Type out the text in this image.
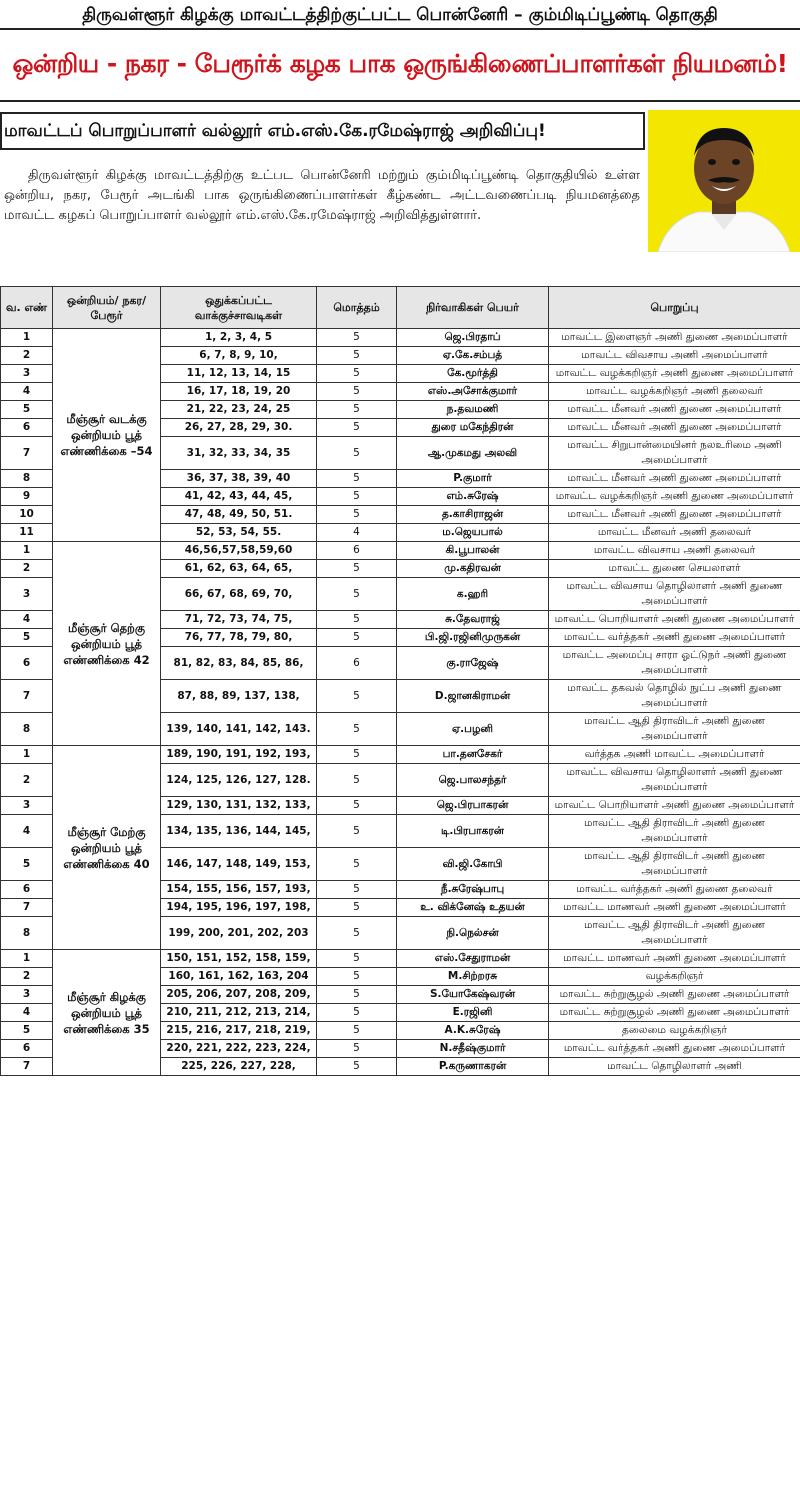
திருவள்ளூர் கிழக்கு மாவட்டத்திற்குட்பட்ட பொன்னேரி – கும்மிடிப்பூண்டி தொகுதி
ஒன்றிய - நகர - பேரூர்க் கழக பாக ஒருங்கிணைப்பாளர்கள் நியமனம்!
மாவட்டப் பொறுப்பாளர் வல்லூர் எம்.எஸ்.கே.ரமேஷ்ராஜ் அறிவிப்பு!

திருவள்ளூர் கிழக்கு மாவட்டத்திற்கு உட்பட பொன்னேரி மற்றும் கும்மிடிப்பூண்டி தொகுதியில் உள்ள ஒன்றிய, நகர, பேரூர் அடங்கி பாக ஒருங்கிணைப்பாளர்கள் கீழ்கண்ட அட்டவணைப்படி நியமனத்தை மாவட்ட கழகப் பொறுப்பாளர் வல்லூர் எம்.எஸ்.கே.ரமேஷ்ராஜ் அறிவித்துள்ளார்.

வ. எண்	ஒன்றியம்/ நகர/ பேரூர்	ஒதுக்கப்பட்ட வாக்குச்சாவடிகள்	மொத்தம்	நிர்வாகிகள் பெயர்	பொறுப்பு
1	மீஞ்சூர் வடக்கு ஒன்றியம் பூத் எண்ணிக்கை –54	1, 2, 3, 4, 5	5	ஜெ.பிரதாப்	மாவட்ட இளைஞர் அணி துணை அமைப்பாளர்
2		6, 7, 8, 9, 10,	5	ஏ.கே.சம்பத்	மாவட்ட விவசாய அணி அமைப்பாளர்
3		11, 12, 13, 14, 15	5	கே.மூர்த்தி	மாவட்ட வழக்கறிஞர் அணி துணை அமைப்பாளர்
4		16, 17, 18, 19, 20	5	எஸ்.அசோக்குமார்	மாவட்ட வழக்கறிஞர் அணி தலைவர்
5		21, 22, 23, 24, 25	5	ந.தவமணி	மாவட்ட மீனவர் அணி துணை அமைப்பாளர்
6		26, 27, 28, 29, 30.	5	துரை மகேந்திரன்	மாவட்ட மீனவர் அணி துணை அமைப்பாளர்
7		31, 32, 33, 34, 35	5	ஆ.முகமது அலவி	மாவட்ட சிறுபான்மையினர் நலஉரிமை அணி அமைப்பாளர்
8		36, 37, 38, 39, 40	5	P.குமார்	மாவட்ட மீனவர் அணி துணை அமைப்பாளர்
9		41, 42, 43, 44, 45,	5	எம்.சுரேஷ்	மாவட்ட வழக்கறிஞர் அணி துணை அமைப்பாளர்
10		47, 48, 49, 50, 51.	5	த.காசிராஜன்	மாவட்ட மீனவர் அணி துணை அமைப்பாளர்
11		52, 53, 54, 55.	4	ம.ஜெயபால்	மாவட்ட மீனவர் அணி தலைவர்
1	மீஞ்சூர் தெற்கு ஒன்றியம் பூத் எண்ணிக்கை 42	46,56,57,58,59,60	6	கி.பூபாலன்	மாவட்ட விவசாய அணி தலைவர்
2		61, 62, 63, 64, 65,	5	மு.கதிரவன்	மாவட்ட துணை செயலாளர்
3		66, 67, 68, 69, 70,	5	க.ஹரி	மாவட்ட விவசாய தொழிலாளர் அணி துணை அமைப்பாளர்
4		71, 72, 73, 74, 75,	5	சு.தேவராஜ்	மாவட்ட பொறியாளர் அணி துணை அமைப்பாளர்
5		76, 77, 78, 79, 80,	5	பி.ஜி.ரஜினிமுருகன்	மாவட்ட வர்த்தகர் அணி துணை அமைப்பாளர்
6		81, 82, 83, 84, 85, 86,	6	கு.ராஜேஷ்	மாவட்ட அமைப்பு சாரா ஓட்டுநர் அணி துணை அமைப்பாளர்
7		87, 88, 89, 137, 138,	5	D.ஜானகிராமன்	மாவட்ட தகவல் தொழில் நுட்ப அணி துணை அமைப்பாளர்
8		139, 140, 141, 142, 143.	5	ஏ.பழனி	மாவட்ட ஆதி திராவிடர் அணி துணை அமைப்பாளர்
1	மீஞ்சூர் மேற்கு ஒன்றியம் பூத் எண்ணிக்கை 40	189, 190, 191, 192, 193,	5	பா.தனசேகர்	வர்த்தக அணி மாவட்ட அமைப்பாளர்
2		124, 125, 126, 127, 128.	5	ஜெ.பாலசந்தர்	மாவட்ட விவசாய தொழிலாளர் அணி துணை அமைப்பாளர்
3		129, 130, 131, 132, 133,	5	ஜெ.பிரபாகரன்	மாவட்ட பொறியாளர் அணி துணை அமைப்பாளர்
4		134, 135, 136, 144, 145,	5	டி.பிரபாகரன்	மாவட்ட ஆதி திராவிடர் அணி துணை அமைப்பாளர்
5		146, 147, 148, 149, 153,	5	வி.ஜி.கோபி	மாவட்ட ஆதி திராவிடர் அணி துணை அமைப்பாளர்
6		154, 155, 156, 157, 193,	5	நீ.சுரேஷ்பாபு	மாவட்ட வர்த்தகர் அணி துணை தலைவர்
7		194, 195, 196, 197, 198,	5	உ. விக்னேஷ் உதயன்	மாவட்ட மாணவர் அணி துணை அமைப்பாளர்
8		199, 200, 201, 202, 203	5	நி.நெல்சன்	மாவட்ட ஆதி திராவிடர் அணி துணை அமைப்பாளர்
1	மீஞ்சூர் கிழக்கு ஒன்றியம் பூத் எண்ணிக்கை 35	150, 151, 152, 158, 159,	5	எஸ்.சேதுராமன்	மாவட்ட மாணவர் அணி துணை அமைப்பாளர்
2		160, 161, 162, 163, 204	5	M.சிற்றரசு	வழக்கறிஞர்
3		205, 206, 207, 208, 209,	5	S.யோகேஷ்வரன்	மாவட்ட சுற்றுசூழல் அணி துணை அமைப்பாளர்
4		210, 211, 212, 213, 214,	5	E.ரஜினி	மாவட்ட சுற்றுசூழல் அணி துணை அமைப்பாளர்
5		215, 216, 217, 218, 219,	5	A.K.சுரேஷ்	தலைமை வழக்கறிஞர்
6		220, 221, 222, 223, 224,	5	N.சதீஷ்குமார்	மாவட்ட வர்த்தகர் அணி துணை அமைப்பாளர்
7		225, 226, 227, 228,	5	P.கருணாகரன்	மாவட்ட தொழிலாளர் அணி
